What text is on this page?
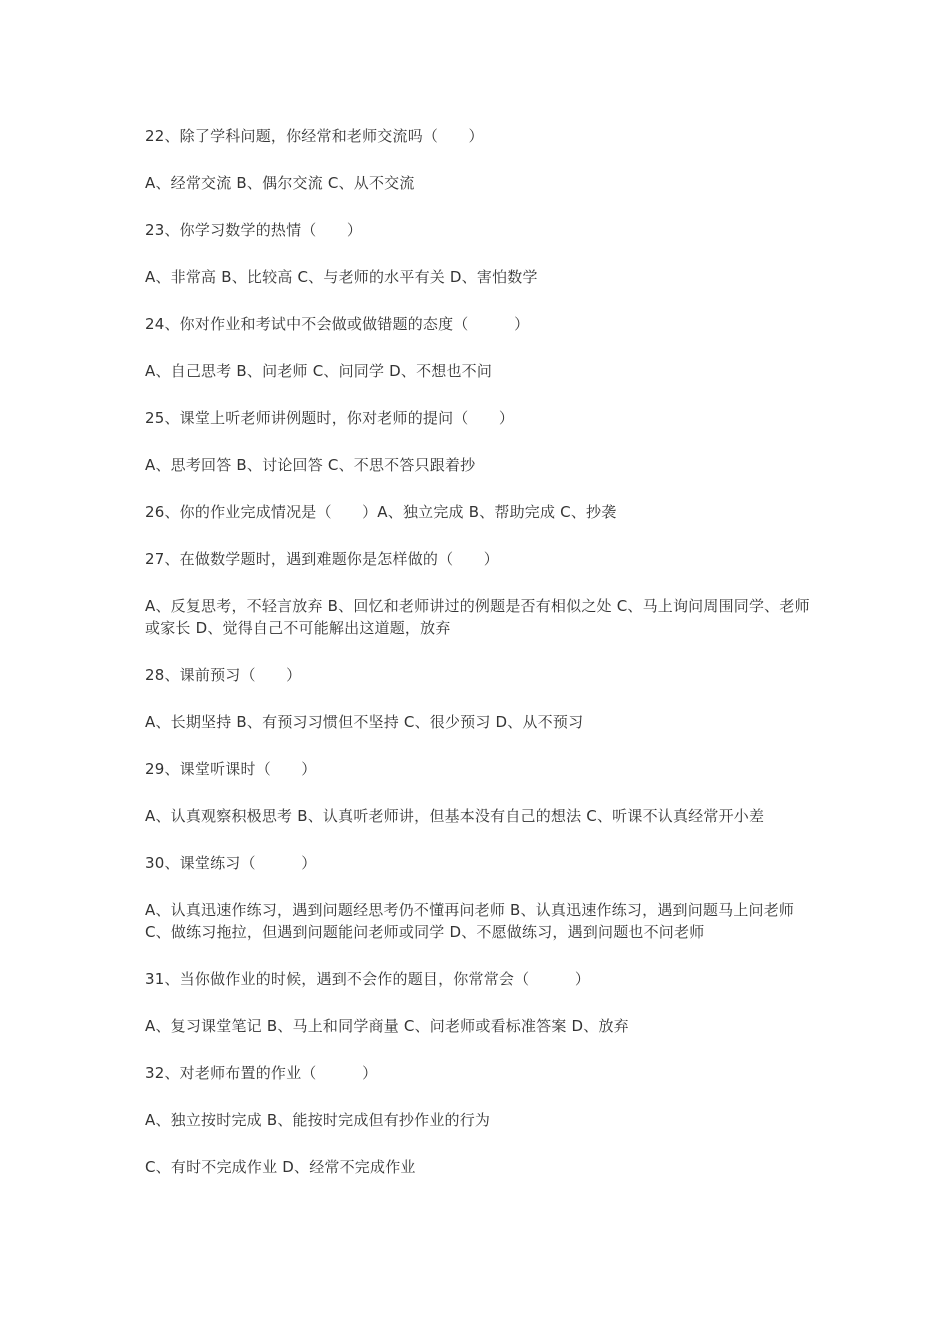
22、除了学科问题，你经常和老师交流吗（　　）

A、经常交流 B、偶尔交流 C、从不交流

23、你学习数学的热情（　　）

A、非常高 B、比较高 C、与老师的水平有关 D、害怕数学

24、你对作业和考试中不会做或做错题的态度（　　　）

A、自己思考 B、问老师 C、问同学 D、不想也不问

25、课堂上听老师讲例题时，你对老师的提问（　　）

A、思考回答 B、讨论回答 C、不思不答只跟着抄

26、你的作业完成情况是（　　）A、独立完成 B、帮助完成 C、抄袭

27、在做数学题时，遇到难题你是怎样做的（　　）

A、反复思考，不轻言放弃 B、回忆和老师讲过的例题是否有相似之处 C、马上询问周围同学、老师或家长 D、觉得自己不可能解出这道题，放弃

28、课前预习（　　）

A、长期坚持 B、有预习习惯但不坚持 C、很少预习 D、从不预习

29、课堂听课时（　　）

A、认真观察积极思考 B、认真听老师讲，但基本没有自己的想法 C、听课不认真经常开小差

30、课堂练习（　　　）

A、认真迅速作练习，遇到问题经思考仍不懂再问老师 B、认真迅速作练习，遇到问题马上问老师 C、做练习拖拉，但遇到问题能问老师或同学 D、不愿做练习，遇到问题也不问老师

31、当你做作业的时候，遇到不会作的题目，你常常会（　　　）

A、复习课堂笔记 B、马上和同学商量 C、问老师或看标准答案 D、放弃

32、对老师布置的作业（　　　）

A、独立按时完成 B、能按时完成但有抄作业的行为

C、有时不完成作业 D、经常不完成作业
